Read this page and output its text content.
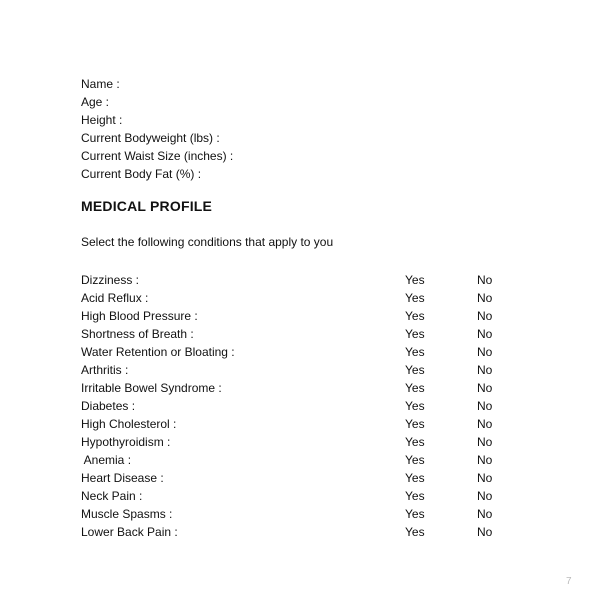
Name :
Age :
Height :
Current Bodyweight (lbs) :
Current Waist Size (inches) :
Current Body Fat (%) :
MEDICAL PROFILE
Select the following conditions that apply to you
Dizziness :	Yes	No
Acid Reflux :	Yes	No
High Blood Pressure :	Yes	No
Shortness of Breath :	Yes	No
Water Retention or Bloating :	Yes	No
Arthritis :	Yes	No
Irritable Bowel Syndrome :	Yes	No
Diabetes :	Yes	No
High Cholesterol :	Yes	No
Hypothyroidism :	Yes	No
Anemia :	Yes	No
Heart Disease :	Yes	No
Neck Pain :	Yes	No
Muscle Spasms :	Yes	No
Lower Back Pain :	Yes	No
7
